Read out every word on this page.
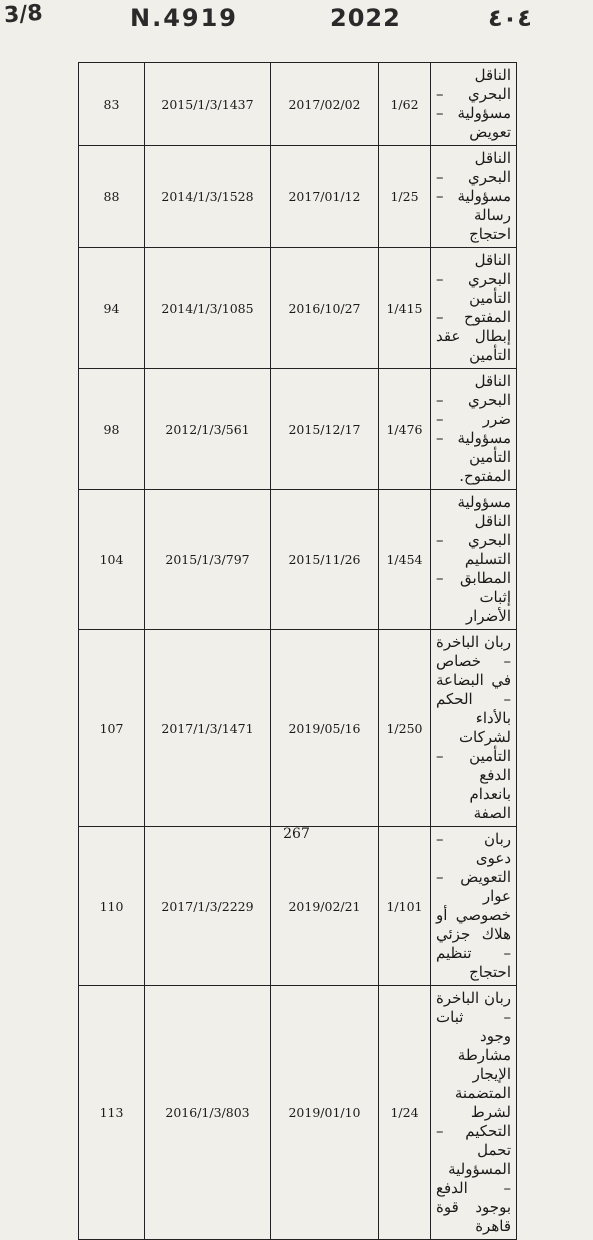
3/8	N.4919	2022	٤٠٤
83	2015/1/3/1437	2017/02/02	1/62	الناقل البحري – مسؤولية – تعويض
88	2014/1/3/1528	2017/01/12	1/25	الناقل البحري – مسؤولية – رسالة احتجاج
94	2014/1/3/1085	2016/10/27	1/415	الناقل البحري – التأمين المفتوح – إبطال عقد التأمين
98	2012/1/3/561	2015/12/17	1/476	الناقل البحري – ضرر – مسؤولية – التأمين المفتوح.
104	2015/1/3/797	2015/11/26	1/454	مسؤولية الناقل البحري – التسليم المطابق – إثبات الأضرار
107	2017/1/3/1471	2019/05/16	1/250	ربان الباخرة – خصاص في البضاعة – الحكم بالأداء لشركات التأمين – الدفع بانعدام الصفة
110	2017/1/3/2229	2019/02/21	1/101	ربان – دعوى التعويض – عوار خصوصي أو هلاك جزئي – تنظيم احتجاج
113	2016/1/3/803	2019/01/10	1/24	ربان الباخرة – ثبات وجود مشارطة الإيجار المتضمنة لشرط التحكيم – تحمل المسؤولية – الدفع بوجود قوة قاهرة
267
